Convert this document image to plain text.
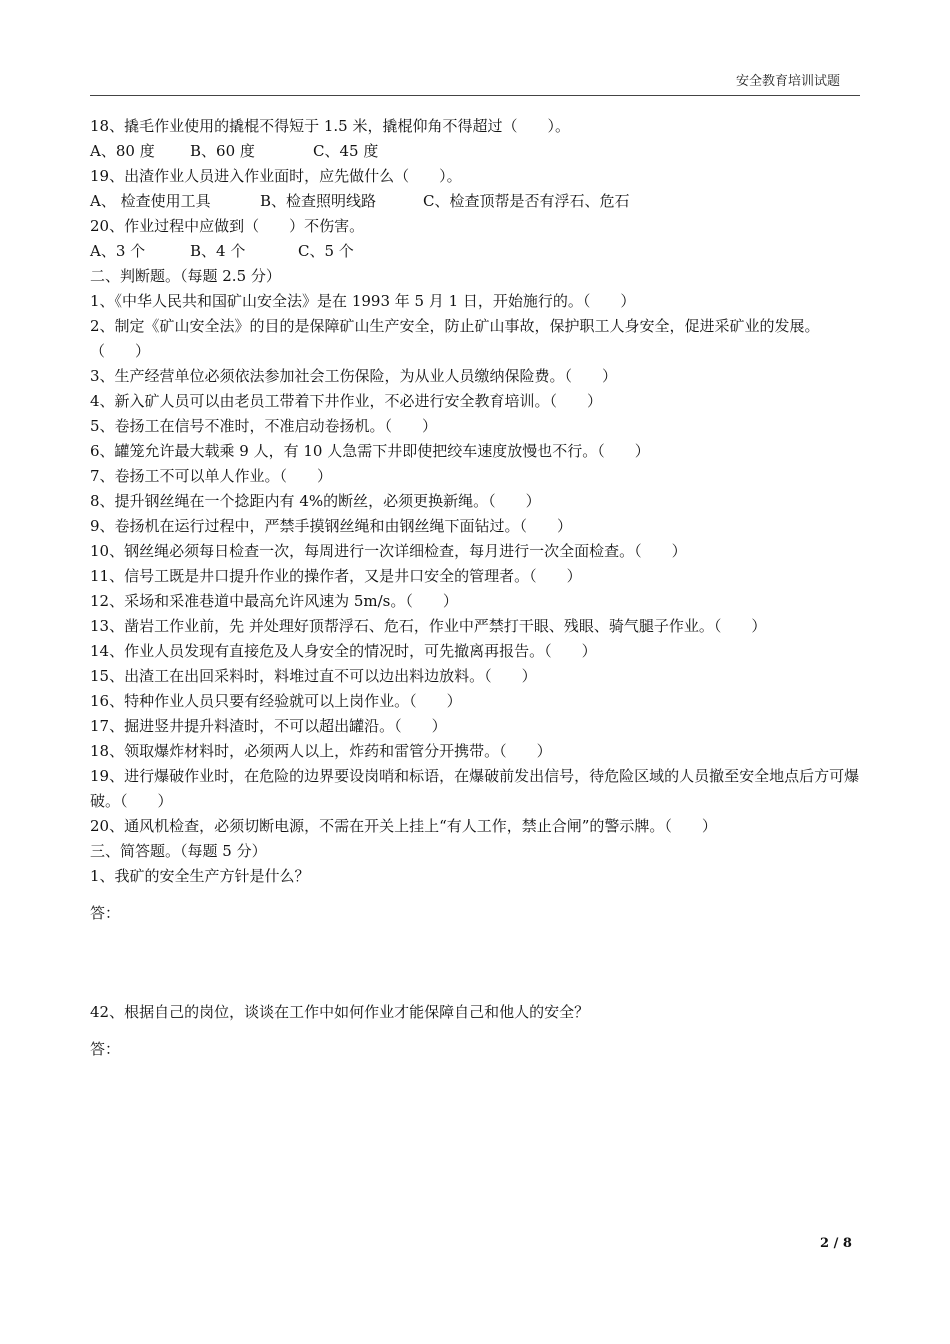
安全教育培训试题
18、撬毛作业使用的撬棍不得短于 1.5 米，撬棍仰角不得超过（　　）。
A、80 度 B、60 度	C、45 度
19、出渣作业人员进入作业面时，应先做什么（　　）。
A、 检查使用工具	B、检查照明线路	C、检查顶帮是否有浮石、危石
20、作业过程中应做到（　　）不伤害。
A、3 个	B、4 个	C、5 个
二、判断题。（每题 2.5 分）
1、《中华人民共和国矿山安全法》是在 1993 年 5 月 1 日，开始施行的。（　　）
2、制定《矿山安全法》的目的是保障矿山生产安全，防止矿山事故，保护职工人身安全，促进采矿业的发展。（　　）
3、生产经营单位必须依法参加社会工伤保险，为从业人员缴纳保险费。（　　）
4、新入矿人员可以由老员工带着下井作业，不必进行安全教育培训。（　　）
5、卷扬工在信号不准时，不准启动卷扬机。（　　）
6、罐笼允许最大载乘 9 人，有 10 人急需下井即使把绞车速度放慢也不行。（　　）
7、卷扬工不可以单人作业。（　　）
8、提升钢丝绳在一个捻距内有 4%的断丝，必须更换新绳。（　　）
9、卷扬机在运行过程中，严禁手摸钢丝绳和由钢丝绳下面钻过。（　　）
10、钢丝绳必须每日检查一次，每周进行一次详细检查，每月进行一次全面检查。（　　）
11、信号工既是井口提升作业的操作者，又是井口安全的管理者。（　　）
12、采场和采准巷道中最高允许风速为 5m/s。（　　）
13、凿岩工作业前，先 并处理好顶帮浮石、危石，作业中严禁打干眼、残眼、骑气腿子作业。（　　）
14、作业人员发现有直接危及人身安全的情况时，可先撤离再报告。（　　）
15、出渣工在出回采料时，料堆过直不可以边出料边放料。（　　）
16、特种作业人员只要有经验就可以上岗作业。（　　）
17、掘进竖井提升料渣时，不可以超出罐沿。（　　）
18、领取爆炸材料时，必须两人以上，炸药和雷管分开携带。（　　）
19、进行爆破作业时，在危险的边界要设岗哨和标语，在爆破前发出信号，待危险区域的人员撤至安全地点后方可爆破。（　　）
20、通风机检查，必须切断电源，不需在开关上挂上“有人工作，禁止合闸”的警示牌。（　　）
三、简答题。（每题 5 分）
1、我矿的安全生产方针是什么？
答：
42、根据自己的岗位，谈谈在工作中如何作业才能保障自己和他人的安全？
答：
2 / 8
